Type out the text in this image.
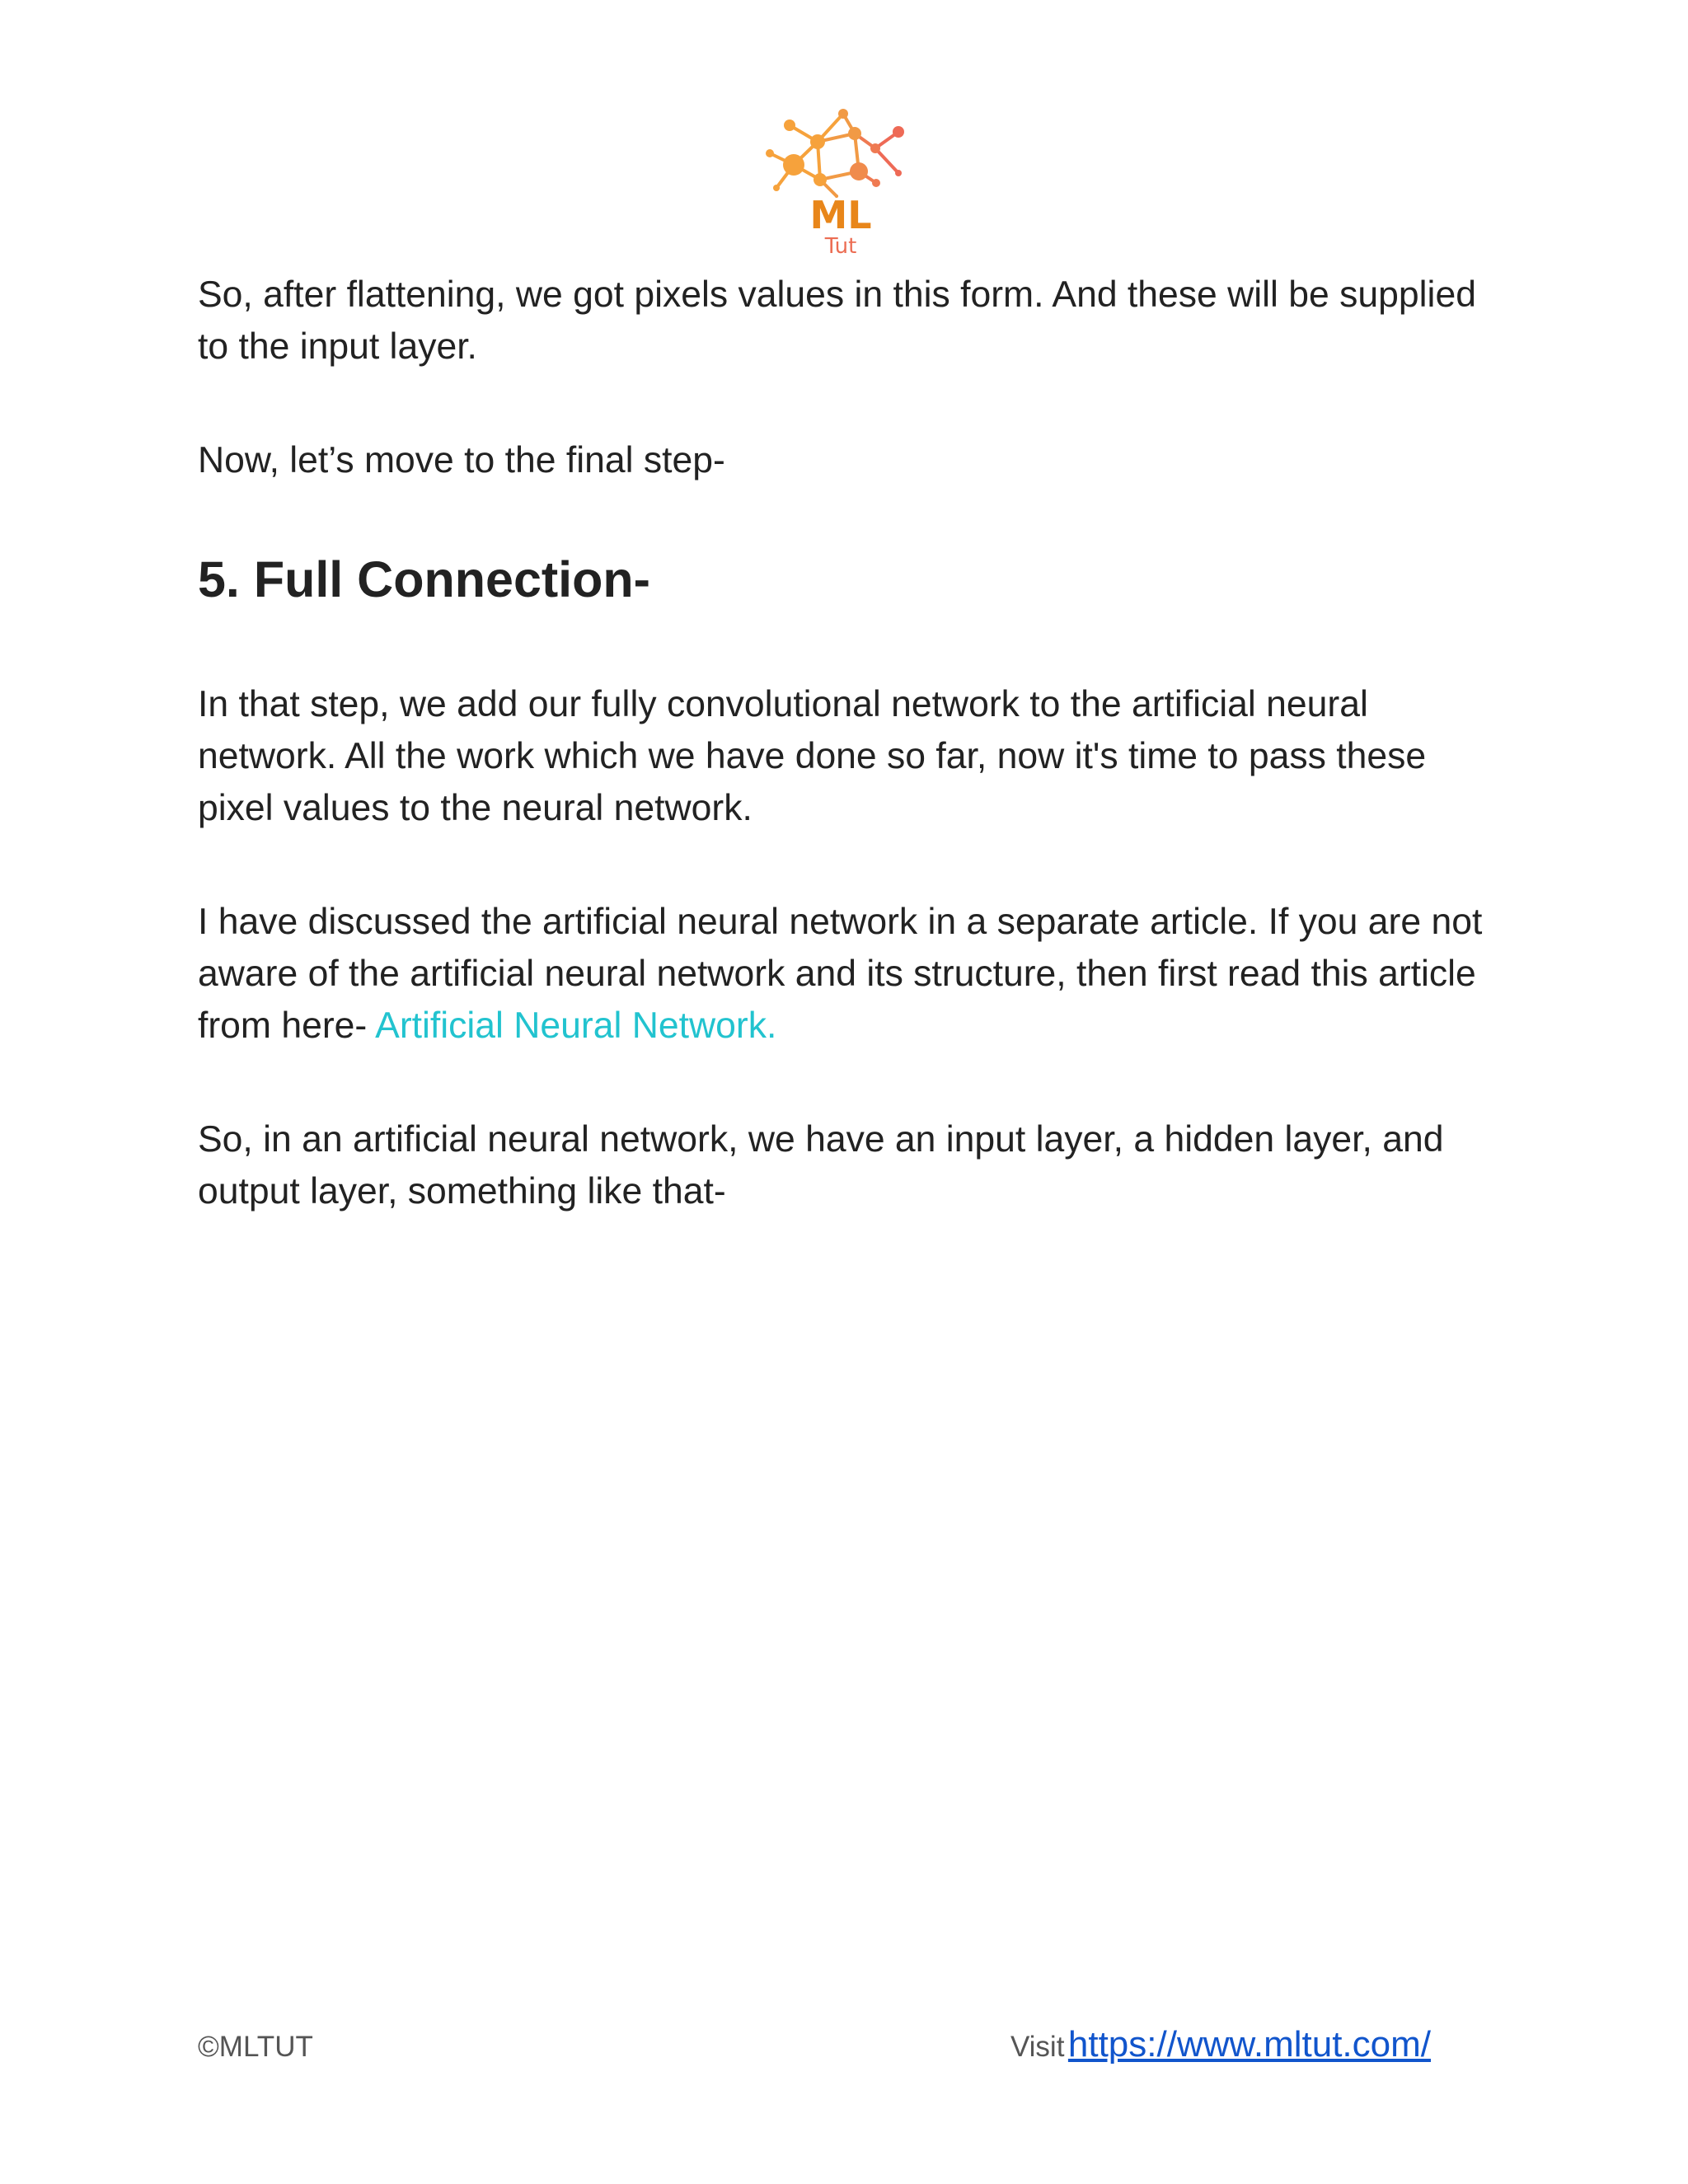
ML
Tut

So, after flattening, we got pixels values in this form. And these will be supplied to the input layer.

Now, let’s move to the final step-

5. Full Connection-

In that step, we add our fully convolutional network to the artificial neural network. All the work which we have done so far, now it's time to pass these pixel values to the neural network.

I have discussed the artificial neural network in a separate article. If you are not aware of the artificial neural network and its structure, then first read this article from here- Artificial Neural Network.

So, in an artificial neural network, we have an input layer, a hidden layer, and output layer, something like that-

©MLTUT	Visit https://www.mltut.com/
